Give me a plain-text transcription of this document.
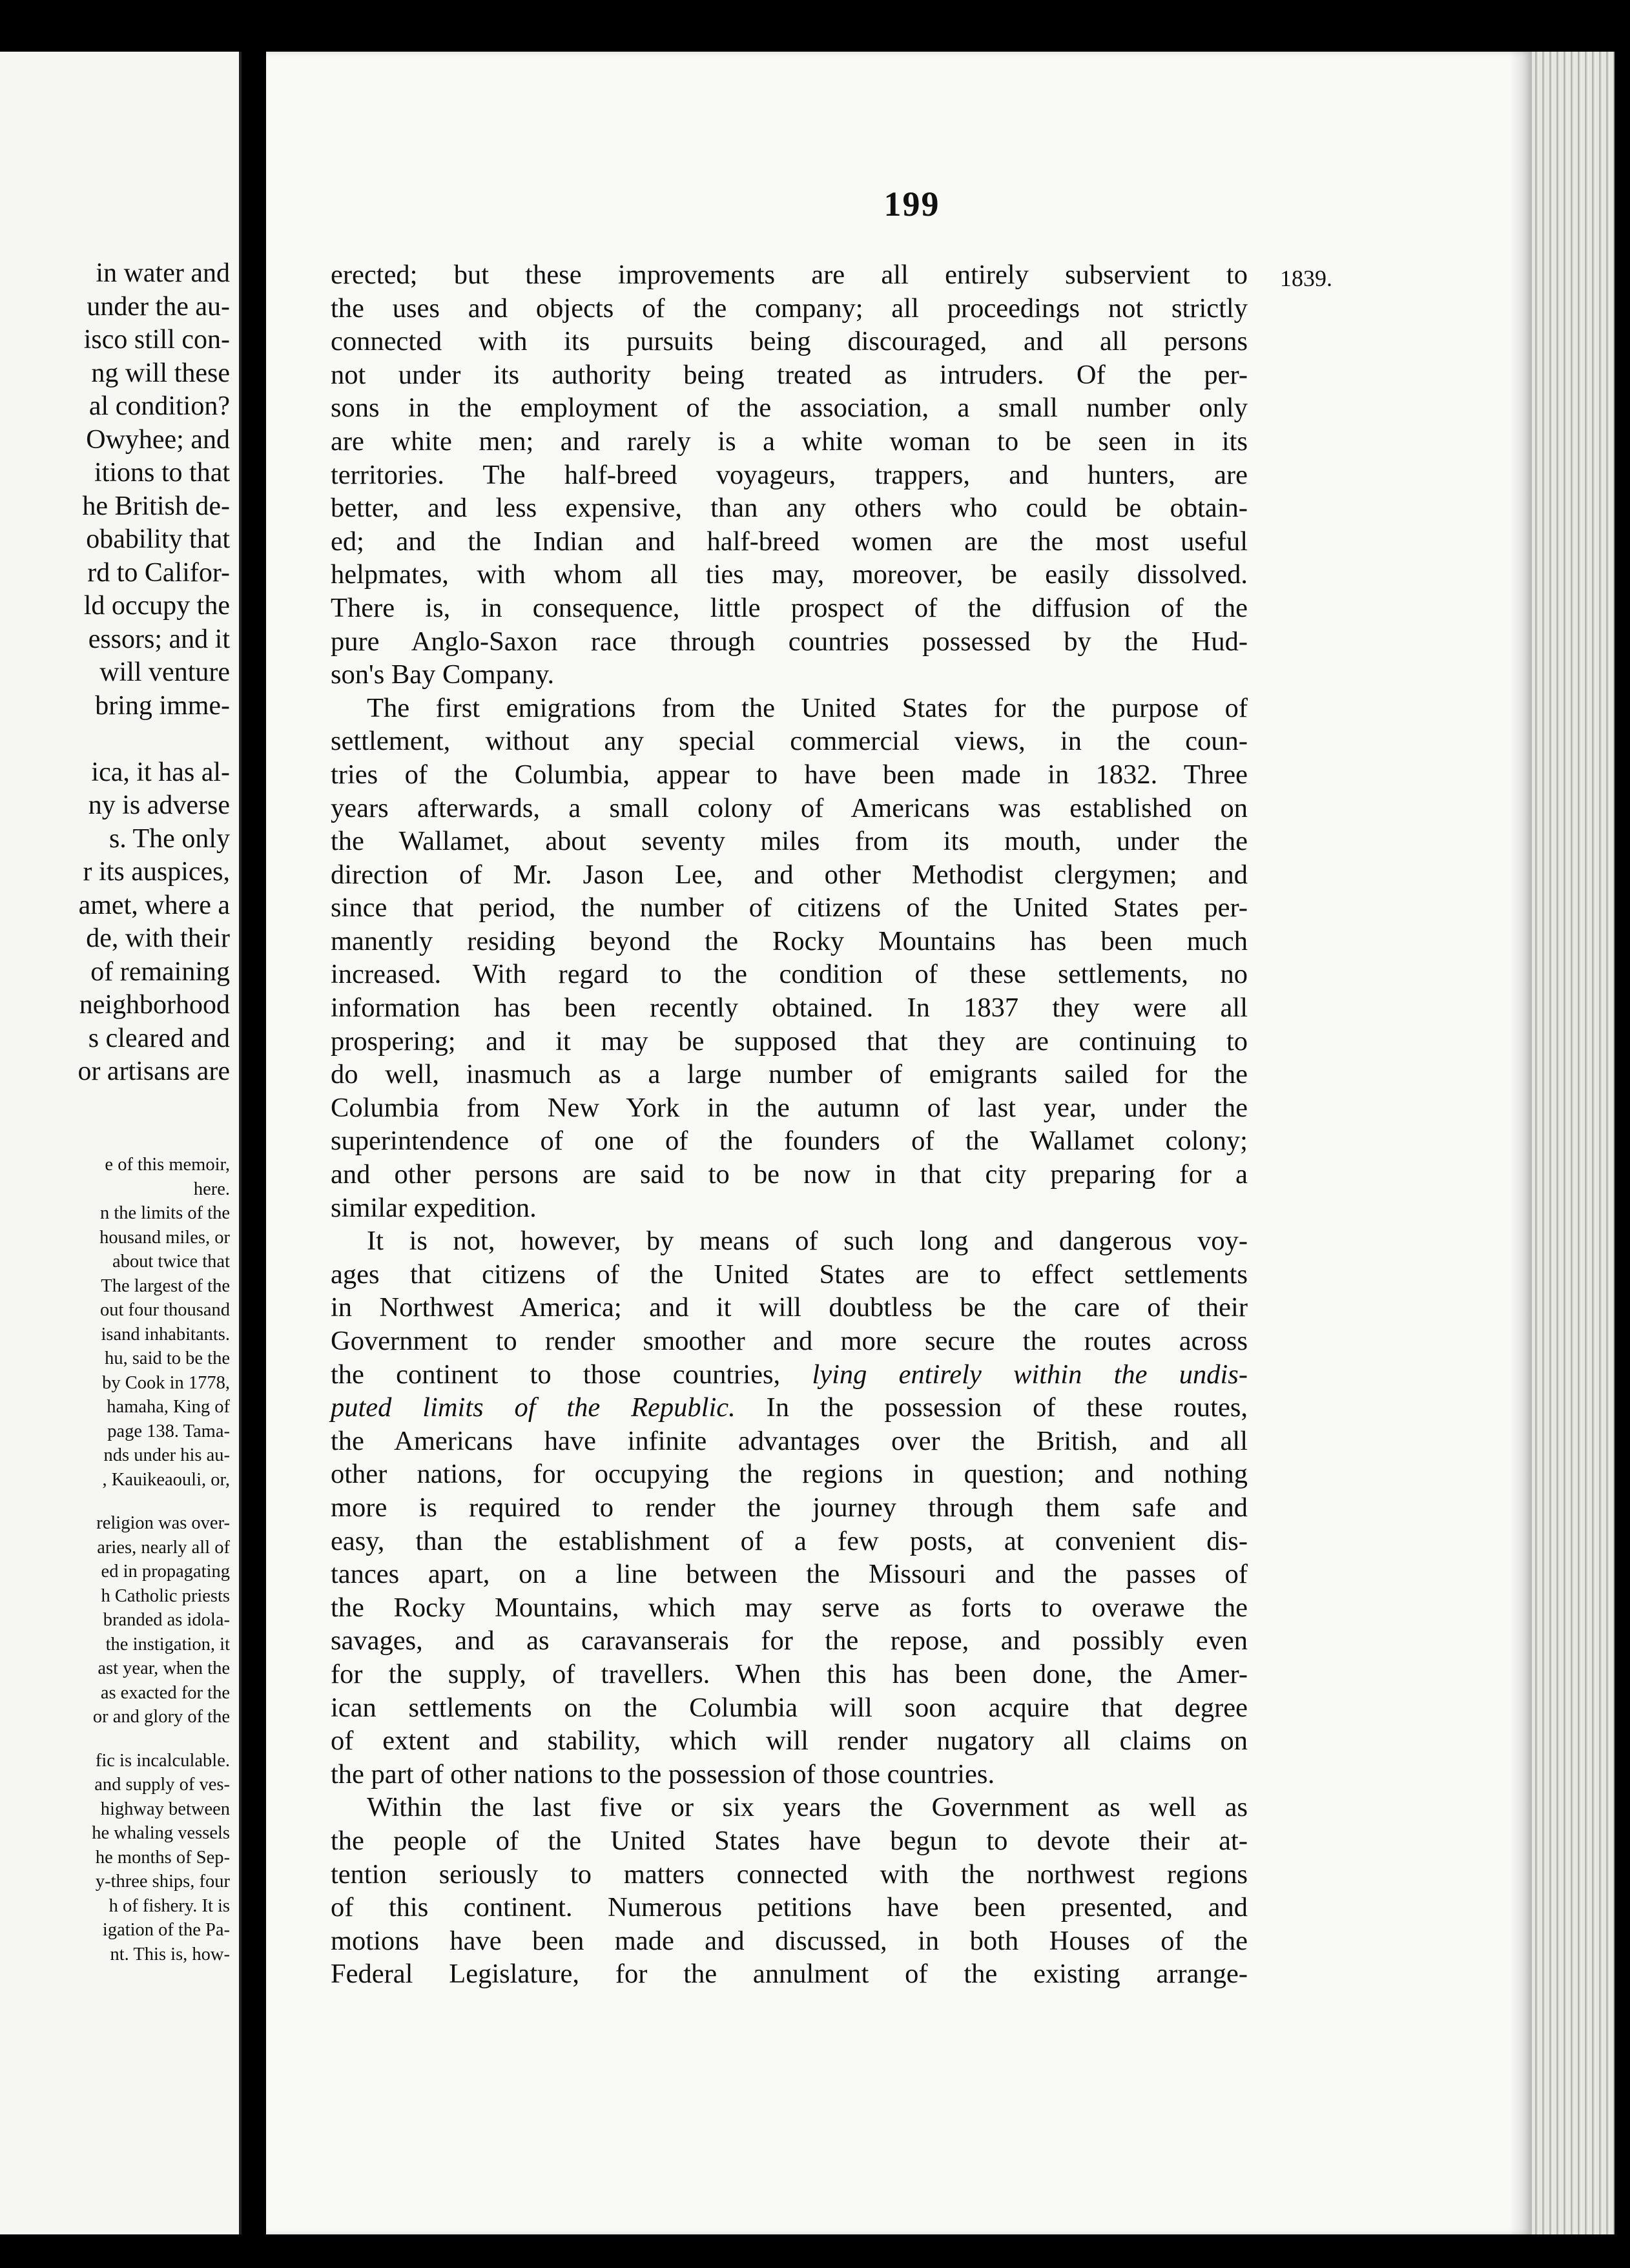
in water and
under the au-
isco still con-
ng will these
al condition?
Owyhee; and
itions to that
he British de-
obability that
rd to Califor-
ld occupy the
essors; and it
will venture
bring imme-

ica, it has al-
ny is adverse
s. The only
r its auspices,
amet, where a
de, with their
of remaining
neighborhood
s cleared and
or artisans are
e of this memoir,
here.
n the limits of the
housand miles, or
about twice that
The largest of the
out four thousand
isand inhabitants.
hu, said to be the
by Cook in 1778,
hamaha, King of
page 138. Tama-
nds under his au-
, Kauikeaouli, or,
religion was over-
aries, nearly all of
ed in propagating
h Catholic priests
branded as idola-
the instigation, it
ast year, when the
as exacted for the
or and glory of the
fic is incalculable.
and supply of ves-
highway between
he whaling vessels
he months of Sep-
y-three ships, four
h of fishery. It is
igation of the Pa-
nt. This is, how-
199
1839.
erected; but these improvements are all entirely subservient to
the uses and objects of the company; all proceedings not strictly
connected with its pursuits being discouraged, and all persons
not under its authority being treated as intruders. Of the per-
sons in the employment of the association, a small number only
are white men; and rarely is a white woman to be seen in its
territories. The half-breed voyageurs, trappers, and hunters, are
better, and less expensive, than any others who could be obtain-
ed; and the Indian and half-breed women are the most useful
helpmates, with whom all ties may, moreover, be easily dissolved.
There is, in consequence, little prospect of the diffusion of the
pure Anglo-Saxon race through countries possessed by the Hud-
son's Bay Company.
The first emigrations from the United States for the purpose of
settlement, without any special commercial views, in the coun-
tries of the Columbia, appear to have been made in 1832. Three
years afterwards, a small colony of Americans was established on
the Wallamet, about seventy miles from its mouth, under the
direction of Mr. Jason Lee, and other Methodist clergymen; and
since that period, the number of citizens of the United States per-
manently residing beyond the Rocky Mountains has been much
increased. With regard to the condition of these settlements, no
information has been recently obtained. In 1837 they were all
prospering; and it may be supposed that they are continuing to
do well, inasmuch as a large number of emigrants sailed for the
Columbia from New York in the autumn of last year, under the
superintendence of one of the founders of the Wallamet colony;
and other persons are said to be now in that city preparing for a
similar expedition.
It is not, however, by means of such long and dangerous voy-
ages that citizens of the United States are to effect settlements
in Northwest America; and it will doubtless be the care of their
Government to render smoother and more secure the routes across
the continent to those countries, lying entirely within the undis-
puted limits of the Republic. In the possession of these routes,
the Americans have infinite advantages over the British, and all
other nations, for occupying the regions in question; and nothing
more is required to render the journey through them safe and
easy, than the establishment of a few posts, at convenient dis-
tances apart, on a line between the Missouri and the passes of
the Rocky Mountains, which may serve as forts to overawe the
savages, and as caravanserais for the repose, and possibly even
for the supply, of travellers. When this has been done, the Amer-
ican settlements on the Columbia will soon acquire that degree
of extent and stability, which will render nugatory all claims on
the part of other nations to the possession of those countries.
Within the last five or six years the Government as well as
the people of the United States have begun to devote their at-
tention seriously to matters connected with the northwest regions
of this continent. Numerous petitions have been presented, and
motions have been made and discussed, in both Houses of the
Federal Legislature, for the annulment of the existing arrange-
